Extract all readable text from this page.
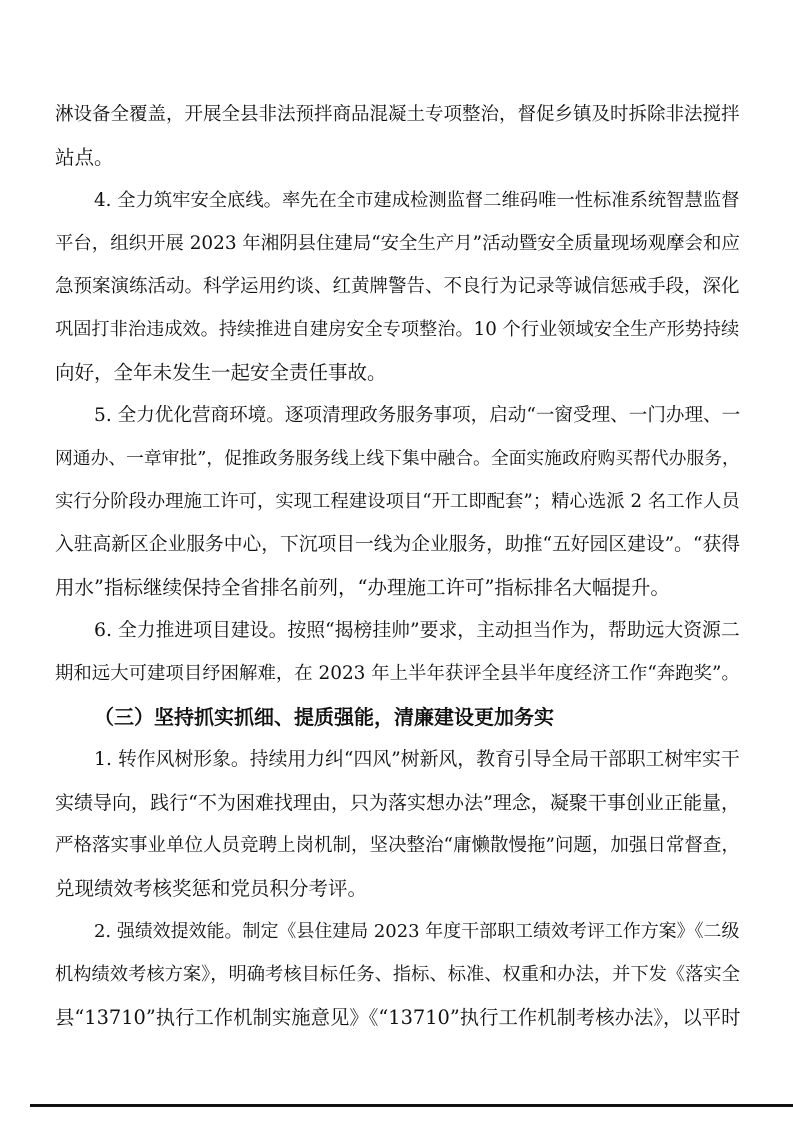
淋设备全覆盖，开展全县非法预拌商品混凝土专项整治，督促乡镇及时拆除非法搅拌
站点。
4. 全力筑牢安全底线。率先在全市建成检测监督二维码唯一性标准系统智慧监督
平台，组织开展 2023 年湘阴县住建局“安全生产月”活动暨安全质量现场观摩会和应
急预案演练活动。科学运用约谈、红黄牌警告、不良行为记录等诚信惩戒手段，深化
巩固打非治违成效。持续推进自建房安全专项整治。10 个行业领域安全生产形势持续
向好，全年未发生一起安全责任事故。
5. 全力优化营商环境。逐项清理政务服务事项，启动“一窗受理、一门办理、一
网通办、一章审批”，促推政务服务线上线下集中融合。全面实施政府购买帮代办服务，
实行分阶段办理施工许可，实现工程建设项目“开工即配套”；精心选派 2 名工作人员
入驻高新区企业服务中心，下沉项目一线为企业服务，助推“五好园区建设”。“获得
用水”指标继续保持全省排名前列，“办理施工许可”指标排名大幅提升。
6. 全力推进项目建设。按照“揭榜挂帅”要求，主动担当作为，帮助远大资源二
期和远大可建项目纾困解难，在 2023 年上半年获评全县半年度经济工作“奔跑奖”。
（三）坚持抓实抓细、提质强能，清廉建设更加务实
1. 转作风树形象。持续用力纠“四风”树新风，教育引导全局干部职工树牢实干
实绩导向，践行“不为困难找理由，只为落实想办法”理念，凝聚干事创业正能量，
严格落实事业单位人员竞聘上岗机制，坚决整治“庸懒散慢拖”问题，加强日常督查，
兑现绩效考核奖惩和党员积分考评。
2. 强绩效提效能。制定《县住建局 2023 年度干部职工绩效考评工作方案》《二级
机构绩效考核方案》，明确考核目标任务、指标、标准、权重和办法，并下发《落实全
县“13710”执行工作机制实施意见》《“13710”执行工作机制考核办法》，以平时
